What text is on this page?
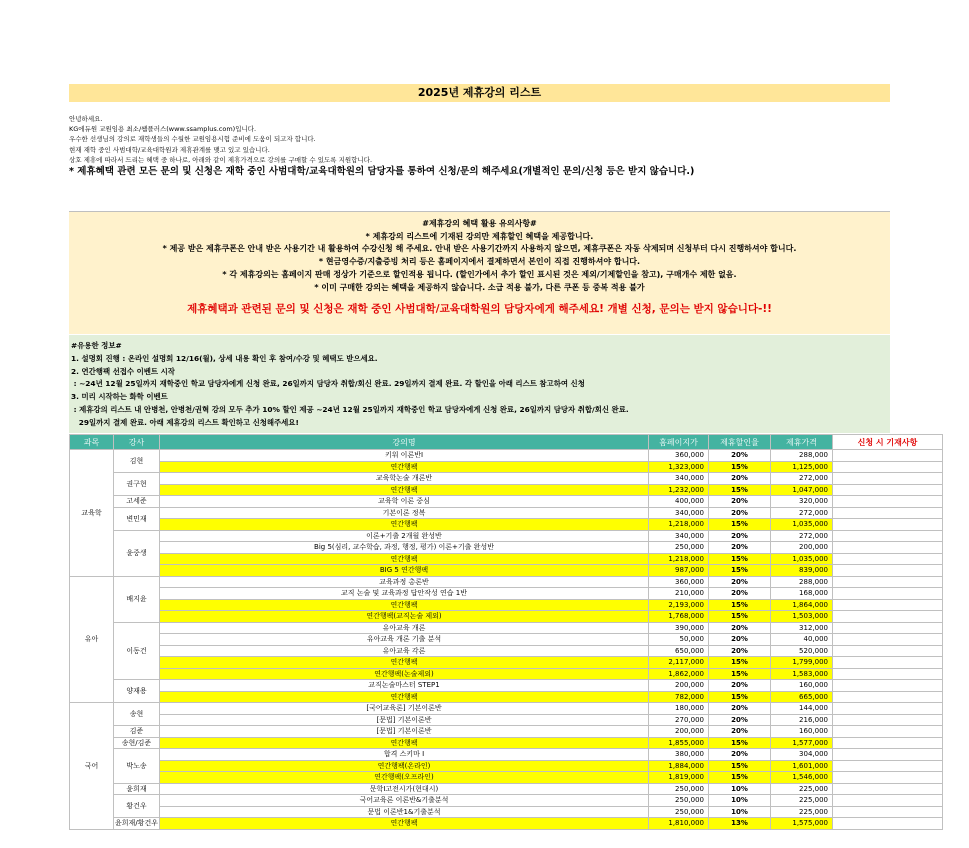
2025년 제휴강의 리스트
안녕하세요.
KG에듀원 교원임용 최소/쌤플러스(www.ssamplus.com)입니다.
우수한 선생님의 강의로 재학생들의 수월한 교원임용시험 준비에 도움이 되고자 합니다.
현재 재학 중인 사범대학/교육대학원과 제휴관계를 맺고 있고 있습니다.
상호 제휴에 따라서 드리는 혜택 중 하나로, 아래와 같이 제휴가격으로 강의를 구매할 수 있도록 지원합니다.
* 제휴혜택 관련 모든 문의 및 신청은 재학 중인 사범대학/교육대학원의 담당자를 통하여 신청/문의 해주세요(개별적인 문의/신청 등은 받지 않습니다.)
#제휴강의 혜택 활용 유의사항#
* 제휴강의 리스트에 기재된 강의만 제휴할인 혜택을 제공합니다.
* 제공 받은 제휴쿠폰은 안내 받은 사용기간 내 활용하여 수강신청 해 주세요. 안내 받은 사용기간까지 사용하지 않으면, 제휴쿠폰은 자동 삭제되며 신청부터 다시 진행하셔야 합니다.
* 현금영수증/지출증빙 처리 등은 홈페이지에서 결제하면서 본인이 직접 진행하셔야 합니다.
* 각 제휴강의는 홈페이지 판매 정상가 기준으로 할인적용 됩니다. (할인가에서 추가 할인 표시된 것은 제외/기제할인을 참고), 구매개수 제한 없음.
* 이미 구매한 강의는 혜택을 제공하지 않습니다. 소급 적용 불가, 다른 쿠폰 등 중복 적용 불가
제휴혜택과 관련된 문의 및 신청은 재학 중인 사범대학/교육대학원의 담당자에게 해주세요! 개별 신청, 문의는 받지 않습니다-!!
#유용한 정보#
1. 설명회 진행 : 온라인 설명회 12/16(월), 상세 내용 확인 후 참여/수강 및 혜택도 받으세요.
2. 연간행팩 선접수 이벤트 시작
: ~24년 12월 25일까지 재학중인 학교 담당자에게 신청 완료, 26일까지 담당자 취합/회신 완료. 29일까지 결제 완료. 각 할인을 아래 리스트 참고하여 신청
3. 미리 시작하는 화학 이벤트
: 제휴강의 리스트 내 안병천, 안병천/권혁 강의 모두 추가 10% 할인 제공 ~24년 12월 25일까지 재학중인 학교 담당자에게 신청 완료, 26일까지 담당자 취합/회신 완료.
29일까지 결제 완료. 아래 제휴강의 리스트 확인하고 신청해주세요!
과목	강사	강의명	홈페이지가	제휴할인율	제휴가격	신청 시 기재사항
교육학	김현	키워 이론반Ⅰ	360,000	20%	288,000	
		연간행팩	1,323,000	15%	1,125,000	
	권구현	교육학논술 개론반	340,000	20%	272,000	
		연간행팩	1,232,000	15%	1,047,000	
	고세준	교육학 이론 중심	400,000	20%	320,000	
	변민재	기본이론 정복	340,000	20%	272,000	
		연간행팩	1,218,000	15%	1,035,000	
	윤중생	이론+기출 2개월 완성반	340,000	20%	272,000	
		Big 5(심리, 교수학습, 과정, 행정, 평가) 이론+기출 완성반	250,000	20%	200,000	
		연간행팩	1,218,000	15%	1,035,000	
		BIG 5 연간행팩	987,000	15%	839,000	
유아	배지윤	교육과정 총론반	360,000	20%	288,000	
		교직 논술 및 교육과정 답안작성 연습 1반	210,000	20%	168,000	
		연간행팩	2,193,000	15%	1,864,000	
		연간행팩(교직논술 제외)	1,768,000	15%	1,503,000	
	이동건	유아교육 개론	390,000	20%	312,000	
		유아교육 개론 기출 분석	50,000	20%	40,000	
		유아교육 각론	650,000	20%	520,000	
		연간행팩	2,117,000	15%	1,799,000	
		연간행팩(논술제외)	1,862,000	15%	1,583,000	
	양재용	교직논술마스터 STEP1	200,000	20%	160,000	
		연간행팩	782,000	15%	665,000	
국어	송현	[국어교육론] 기본이론반	180,000	20%	144,000	
		[문법] 기본이론반	270,000	20%	216,000	
	김준	[문법] 기본이론반	200,000	20%	160,000	
	송현/김준	연간행팩	1,855,000	15%	1,577,000	
	박노송	합격 스키마 Ⅰ	380,000	20%	304,000	
		연간행팩(온라인)	1,884,000	15%	1,601,000	
		연간행팩(오프라인)	1,819,000	15%	1,546,000	
	윤희재	문학Ⅰ고전시가(현대시)	250,000	10%	225,000	
	황건우	국어교육론 이론반&기출분석	250,000	10%	225,000	
		문법 이론반1&기출분석	250,000	10%	225,000	
	윤희재/황건우	연간행팩	1,810,000	13%	1,575,000	
